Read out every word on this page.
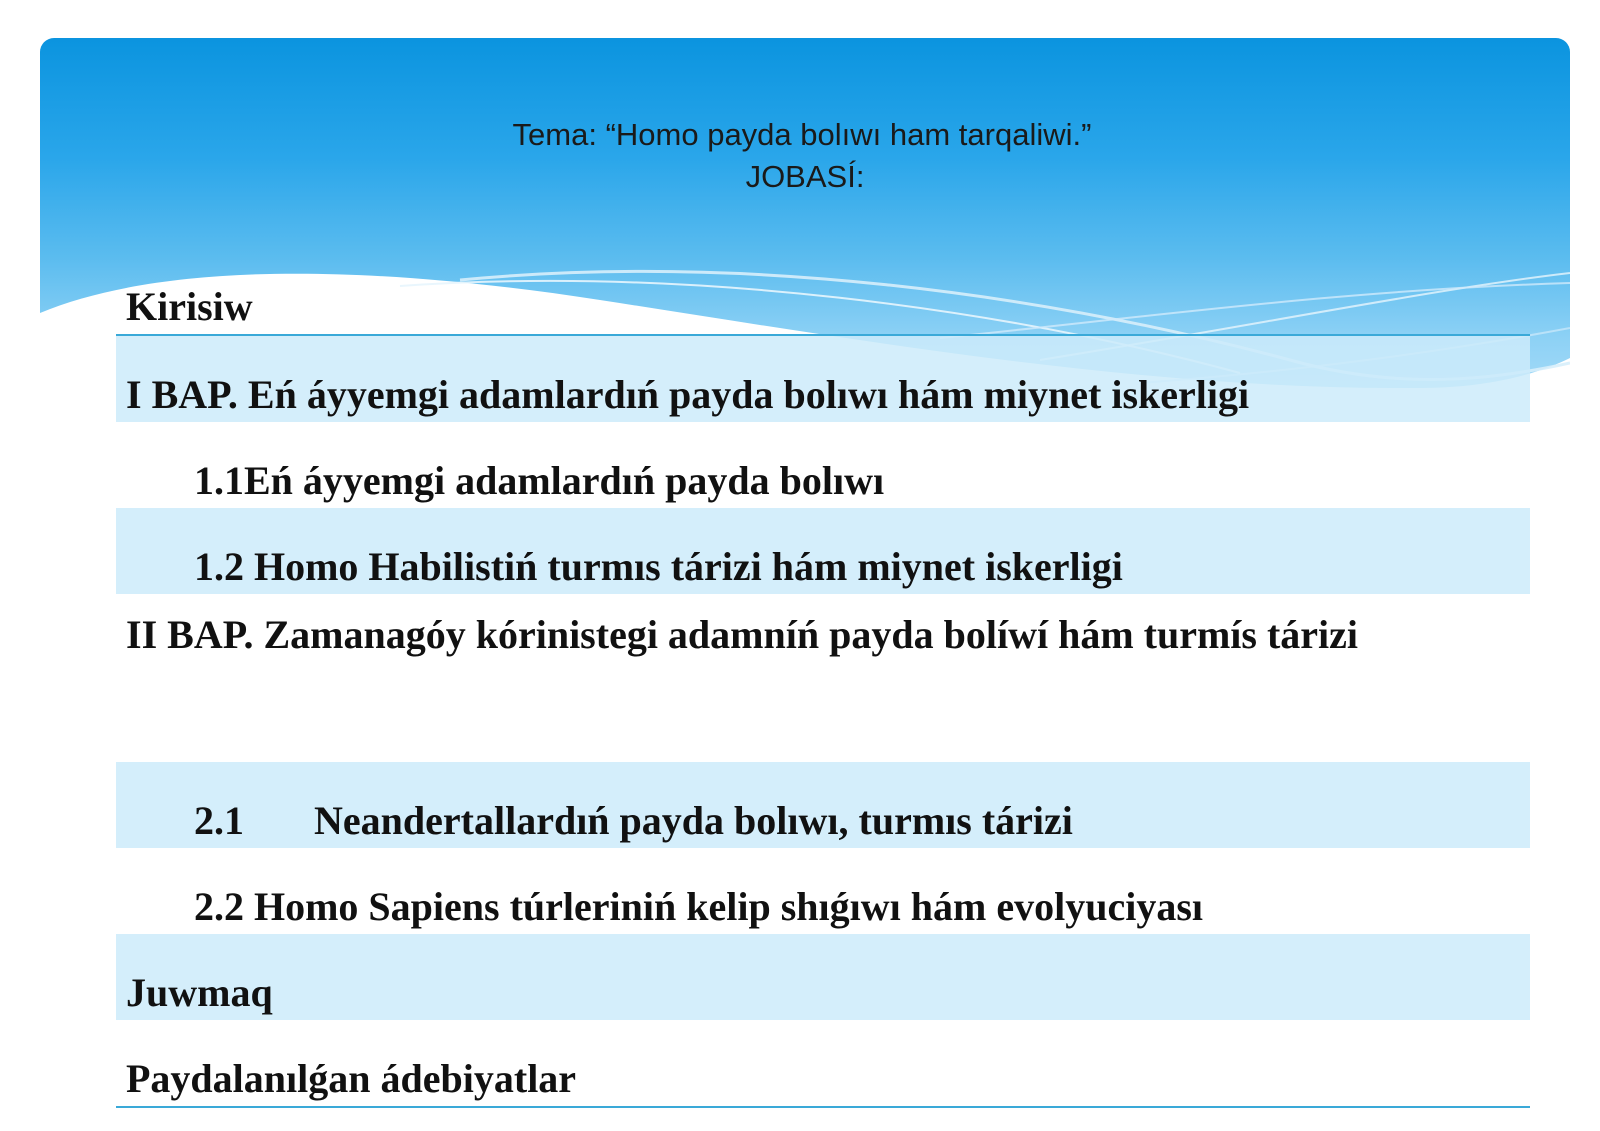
Tema: “Homo payda bolıwı ham tarqaliwi.”
JOBASÍ:
Kirisiw
I BAP. Eń áyyemgi adamlardıń payda bolıwı hám miynet iskerligi
1.1Eń áyyemgi adamlardıń payda bolıwı
1.2 Homo Habilistiń turmıs tárizi hám miynet iskerligi
II BAP. Zamanagóy kórinistegi adamníń payda bolíwí hám turmís tárizi
2.1 Neandertallardıń payda bolıwı, turmıs tárizi
2.2 Homo Sapiens túrleriniń kelip shıǵıwı hám evolyuciyası
Juwmaq
Paydalanılǵan ádebiyatlar
